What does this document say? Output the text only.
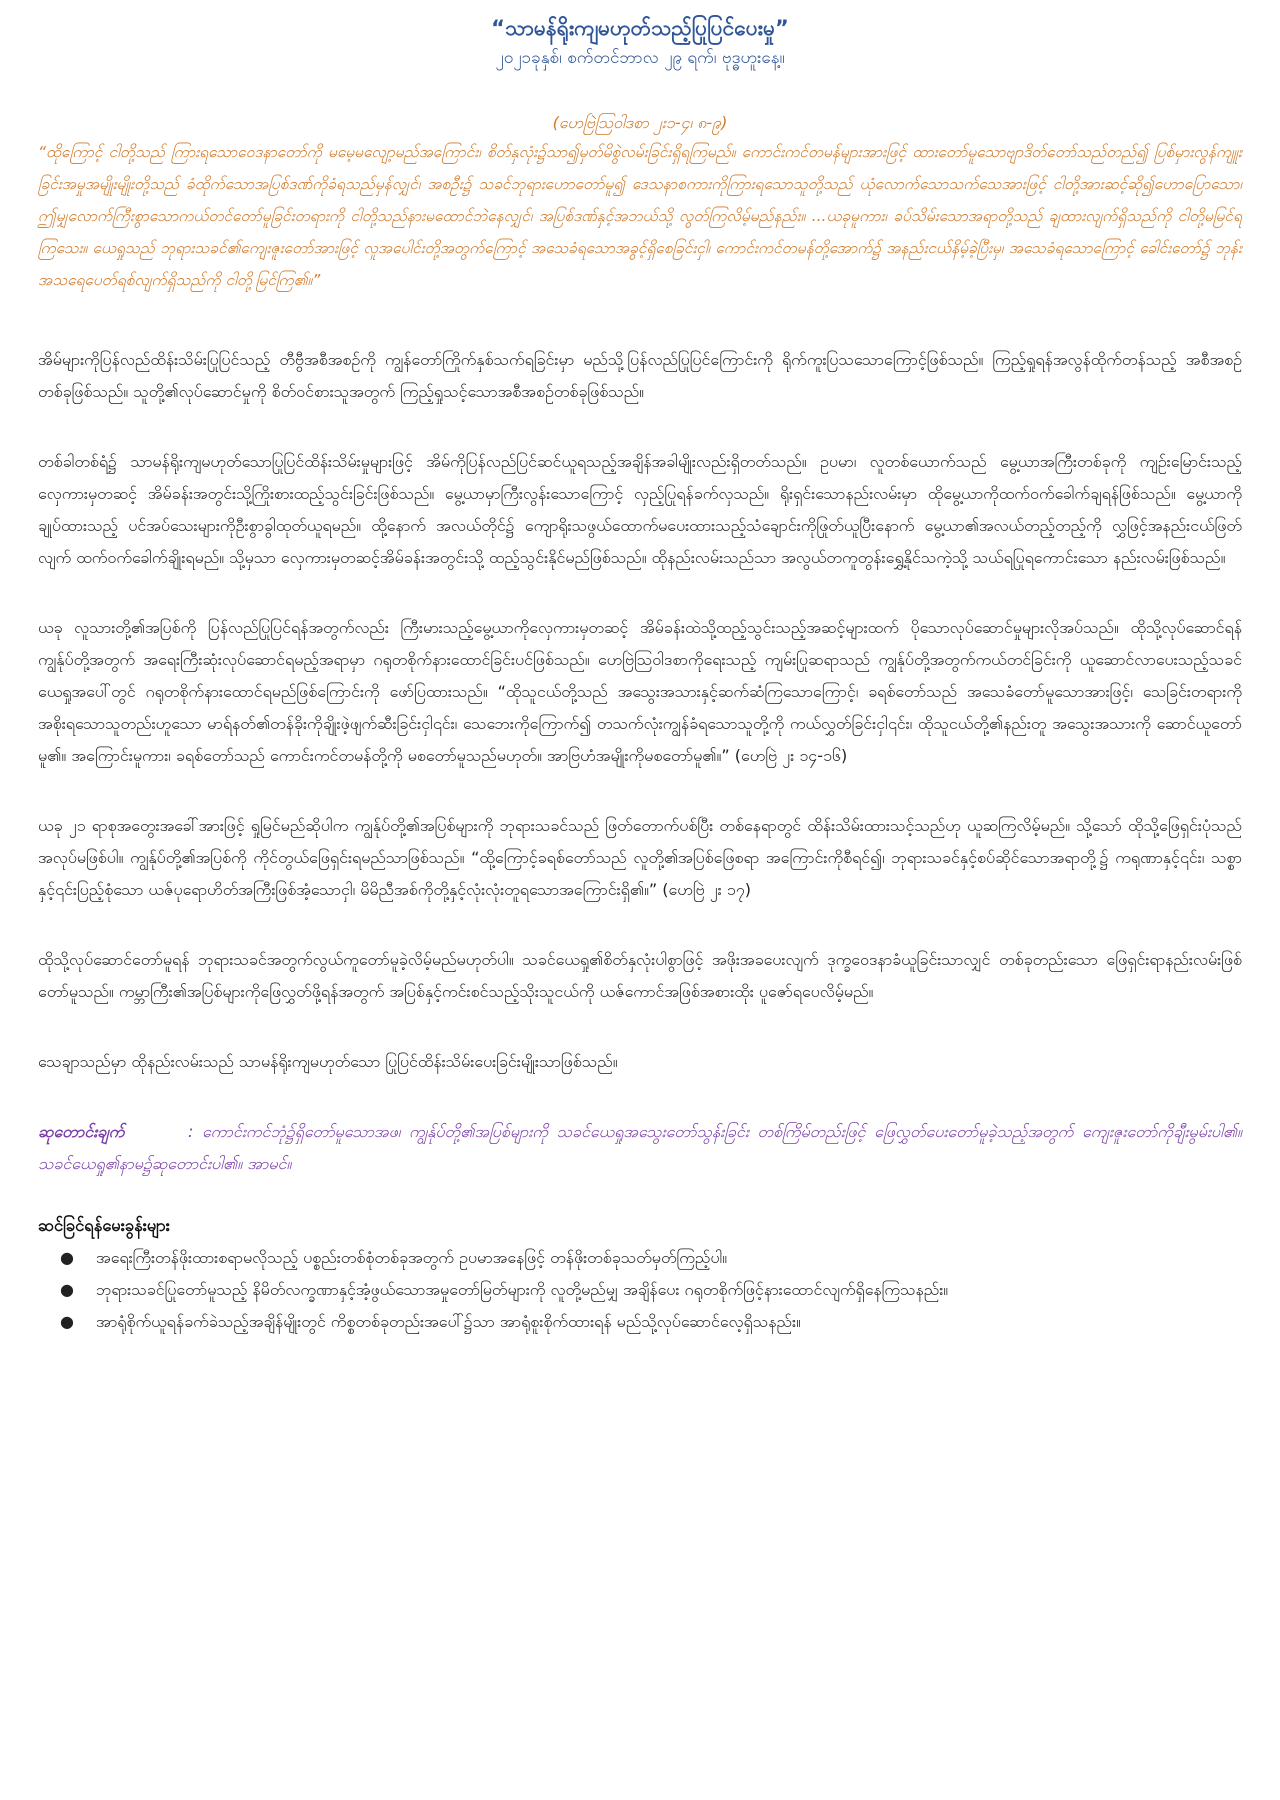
“သာမန်ရိုးကျမဟုတ်သည့်ပြုပြင်ပေးမှု”

၂၀၂၁ခုနှစ်၊ စက်တင်ဘာလ ၂၉ ရက်၊ ဗုဒ္ဓဟူးနေ့။

(ဟေဗြဲဩဝါဒစာ ၂း၁-၄၊ ၈-၉)

“ထိုကြောင့် ငါတို့သည် ကြားရသောဝေဒနာတော်ကို မမေ့မလျော့မည်အကြောင်း၊ စိတ်နှလုံး၌သာ၍မှတ်မိစွဲလမ်းခြင်းရှိရကြမည်။ ကောင်းကင်တမန်များအားဖြင့် ထားတော်မူသောဗျာဒိတ်တော်သည်တည်၍ ပြစ်မှားလွန်ကျူးခြင်းအမှုအမျိုးမျိုးတို့သည် ခံထိုက်သောအပြစ်ဒဏ်ကိုခံရသည်မှန်လျှင်၊ အစဦး၌ သခင်ဘုရားဟောတော်မူ၍ ဒေသနာစကားကိုကြားရသောသူတို့သည် ယုံလောက်သောသက်သေအားဖြင့် ငါတို့အားဆင့်ဆို၍ဟောပြောသော၊ ဤမျှလောက်ကြီးစွာသောကယ်တင်တော်မူခြင်းတရားကို ငါတို့သည်နားမထောင်ဘဲနေလျှင်၊ အပြစ်ဒဏ်နှင့်အဘယ်သို့ လွတ်ကြလိမ့်မည်နည်း။ ...ယခုမူကား၊ ခပ်သိမ်းသောအရာတို့သည် ချထားလျက်ရှိသည်ကို ငါတို့မမြင်ရကြသေး။ ယေရှုသည် ဘုရားသခင်၏ကျေးဇူးတော်အားဖြင့် လူအပေါင်းတို့အတွက်ကြောင့် အသေခံရသောအခွင့်ရှိစေခြင်းငှါ၊ ကောင်းကင်တမန်တို့အောက်၌ အနည်းငယ်နိမ့်ခဲ့ပြီးမှ၊ အသေခံရသောကြောင့် ခေါင်းတော်၌ ဘုန်းအသရေပေတ်ရစ်လျက်ရှိသည်ကို ငါတို့မြင်ကြ၏။”

အိမ်များကိုပြန်လည်ထိန်းသိမ်းပြုပြင်သည့် တီဗွီအစီအစဉ်ကို ကျွန်တော်ကြိုက်နှစ်သက်ရခြင်းမှာ မည်သို့ပြန်လည်ပြုပြင်ကြောင်းကို ရိုက်ကူးပြသသောကြောင့်ဖြစ်သည်။ ကြည့်ရှုရန်အလွန်ထိုက်တန်သည့် အစီအစဉ်တစ်ခုဖြစ်သည်။ သူတို့၏လုပ်ဆောင်မှုကို စိတ်ဝင်စားသူအတွက် ကြည့်ရှုသင့်သောအစီအစဉ်တစ်ခုဖြစ်သည်။

တစ်ခါတစ်ရံ၌ သာမန်ရိုးကျမဟုတ်သောပြုပြင်ထိန်းသိမ်းမှုများဖြင့် အိမ်ကိုပြန်လည်ပြင်ဆင်ယူရသည့်အချိန်အခါမျိုးလည်းရှိတတ်သည်။ ဥပမာ၊ လူတစ်ယောက်သည် မွေ့ယာအကြီးတစ်ခုကို ကျဉ်းမြောင်းသည့်လှေကားမှတဆင့် အိမ်ခန်းအတွင်းသို့ကြိုးစားထည့်သွင်းခြင်းဖြစ်သည်။ မွေ့ယာမှာကြီးလွန်းသောကြောင့် လှည့်ပြုရန်ခက်လှသည်။ ရိုးရှင်းသောနည်းလမ်းမှာ ထိုမွေ့ယာကိုထက်ဝက်ခေါက်ချရန်ဖြစ်သည်။ မွေ့ယာကိုချုပ်ထားသည့် ပင်အပ်သေးများကိုဦးစွာခွါထုတ်ယူရမည်။ ထို့နောက် အလယ်တိုင်၌ ကျောရိုးသဖွယ်ထောက်မပေးထားသည့်သံချောင်းကိုဖြုတ်ယူပြီးနောက် မွေ့ယာ၏အလယ်တည့်တည့်ကို လွှဖြင့်အနည်းငယ်ဖြတ်လျက် ထက်ဝက်ခေါက်ချိုးရမည်။ သို့မှသာ လှေကားမှတဆင့်အိမ်ခန်းအတွင်းသို့ ထည့်သွင်းနိုင်မည်ဖြစ်သည်။ ထိုနည်းလမ်းသည်သာ အလွယ်တကူတွန်းရွှေ့နိုင်သကဲ့သို့ သယ်ရပြုရကောင်းသော နည်းလမ်းဖြစ်သည်။

ယခု လူသားတို့၏အပြစ်ကို ပြန်လည်ပြုပြင်ရန်အတွက်လည်း ကြီးမားသည့်မွေ့ယာကိုလှေကားမှတဆင့် အိမ်ခန်းထဲသို့ထည့်သွင်းသည့်အဆင့်များထက် ပိုသောလုပ်ဆောင်မှုများလိုအပ်သည်။ ထိုသို့လုပ်ဆောင်ရန် ကျွန်ုပ်တို့အတွက် အရေးကြီးဆုံးလုပ်ဆောင်ရမည့်အရာမှာ ဂရုတစိုက်နားထောင်ခြင်းပင်ဖြစ်သည်။ ဟေဗြဲဩဝါဒစာကိုရေးသည့် ကျမ်းပြုဆရာသည် ကျွန်ုပ်တို့အတွက်ကယ်တင်ခြင်းကို ယူဆောင်လာပေးသည့်သခင်ယေရှုအပေါ်တွင် ဂရုတစိုက်နားထောင်ရမည်ဖြစ်ကြောင်းကို ဖော်ပြထားသည်။ “ထိုသူငယ်တို့သည် အသွေးအသားနှင့်ဆက်ဆံကြသောကြောင့်၊ ခရစ်တော်သည် အသေခံတော်မူသောအားဖြင့်၊ သေခြင်းတရားကို အစိုးရသောသူတည်းဟူသော မာရ်နတ်၏တန်ခိုးကိုချိုးဖဲ့ဖျက်ဆီးခြင်းငှါ၎င်း၊ သေဘေးကိုကြောက်၍ တသက်လုံးကျွန်ခံရသောသူတို့ကို ကယ်လွှတ်ခြင်းငှါ၎င်း၊ ထိုသူငယ်တို့၏နည်းတူ အသွေးအသားကို ဆောင်ယူတော်မူ၏။ အကြောင်းမူကား၊ ခရစ်တော်သည် ကောင်းကင်တမန်တို့ကို မစတော်မူသည်မဟုတ်။ အာဗြဟံအမျိုးကိုမစတော်မူ၏။” (ဟေဗြဲ ၂း ၁၄-၁၆)

ယခု ၂၁ ရာစုအတွေးအခေါ်အားဖြင့် ရှုမြင်မည်ဆိုပါက ကျွန်ုပ်တို့၏အပြစ်များကို ဘုရားသခင်သည် ဖြတ်တောက်ပစ်ပြီး တစ်နေရာတွင် ထိန်းသိမ်းထားသင့်သည်ဟု ယူဆကြလိမ့်မည်။ သို့သော် ထိုသို့ဖြေရှင်းပုံသည် အလုပ်မဖြစ်ပါ။ ကျွန်ုပ်တို့၏အပြစ်ကို ကိုင်တွယ်ဖြေရှင်းရမည်သာဖြစ်သည်။ “ထို့ကြောင့်ခရစ်တော်သည် လူတို့၏အပြစ်ဖြေစရာ အကြောင်းကိုစီရင်၍၊ ဘုရားသခင်နှင့်စပ်ဆိုင်သောအရာတို့၌ ကရုဏာနှင့်၎င်း၊ သစ္စာနှင့်၎င်းပြည့်စုံသော ယဇ်ပုရောဟိတ်အကြီးဖြစ်အံ့သောငှါ၊ မိမိညီအစ်ကိုတို့နှင့်လုံးလုံးတူရသောအကြောင်းရှိ၏။” (ဟေဗြဲ ၂း ၁၇)

ထိုသို့လုပ်ဆောင်တော်မူရန် ဘုရားသခင်အတွက်လွယ်ကူတော်မူခဲ့လိမ့်မည်မဟုတ်ပါ။ သခင်ယေရှု၏စိတ်နှလုံးပါစွာဖြင့် အဖိုးအခပေးလျက် ဒုက္ခဝေဒနာခံယူခြင်းသာလျှင် တစ်ခုတည်းသော ဖြေရှင်းရာနည်းလမ်းဖြစ်တော်မူသည်။ ကမ္ဘာကြီး၏အပြစ်များကိုဖြေလွှတ်ဖို့ရန်အတွက် အပြစ်နှင့်ကင်းစင်သည့်သိုးသူငယ်ကို ယဇ်ကောင်အဖြစ်အစားထိုး ပူဇော်ရပေလိမ့်မည်။

သေချာသည်မှာ ထိုနည်းလမ်းသည် သာမန်ရိုးကျမဟုတ်သော ပြုပြင်ထိန်းသိမ်းပေးခြင်းမျိုးသာဖြစ်သည်။

ဆုတောင်းချက်	: ကောင်းကင်ဘုံ၌ရှိတော်မူသောအဖ၊ ကျွန်ုပ်တို့၏အပြစ်များကို သခင်ယေရှုအသွေးတော်သွန်းခြင်း တစ်ကြိမ်တည်းဖြင့် ဖြေလွှတ်ပေးတော်မူခဲ့သည့်အတွက် ကျေးဇူးတော်ကိုချီးမွမ်းပါ၏။ သခင်ယေရှု၏နာမ၌ဆုတောင်းပါ၏။ အာမင်။

ဆင်ခြင်ရန်မေးခွန်းများ

● အရေးကြီးတန်ဖိုးထားစရာမလိုသည့် ပစ္စည်းတစ်စုံတစ်ခုအတွက် ဥပမာအနေဖြင့် တန်ဖိုးတစ်ခုသတ်မှတ်ကြည့်ပါ။
● ဘုရားသခင်ပြုတော်မူသည့် နိမိတ်လက္ခဏာနှင့်အံ့ဖွယ်သောအမှုတော်မြတ်များကို လူတို့မည်မျှ အချိန်ပေး ဂရုတစိုက်ဖြင့်နားထောင်လျက်ရှိနေကြသနည်း။
● အာရုံစိုက်ယူရန်ခက်ခဲသည့်အချိန်မျိုးတွင် ကိစ္စတစ်ခုတည်းအပေါ်၌သာ အာရုံစူးစိုက်ထားရန် မည်သို့လုပ်ဆောင်လေ့ရှိသနည်း။
